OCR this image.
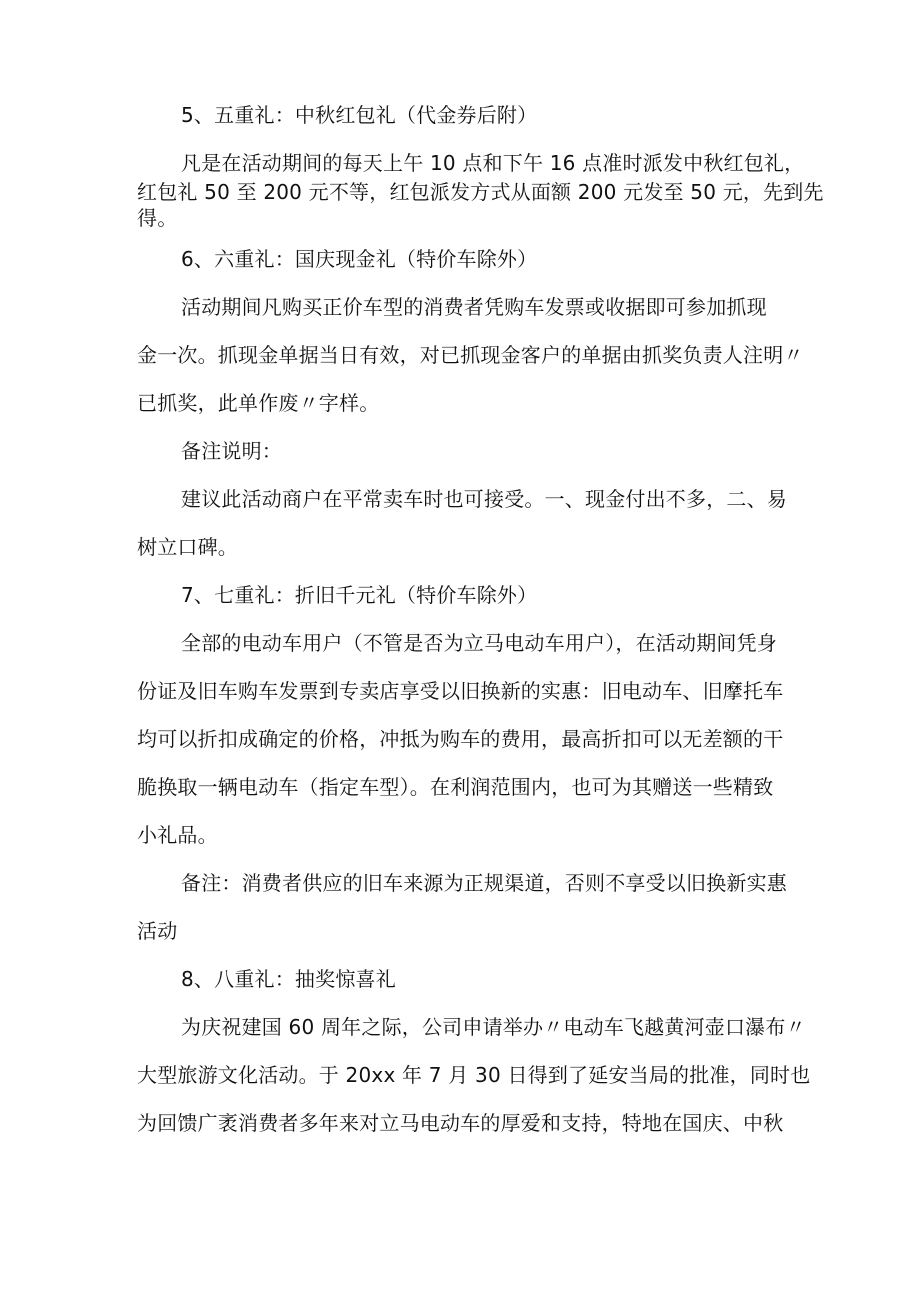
5、五重礼：中秋红包礼（代金券后附）
凡是在活动期间的每天上午 10 点和下午 16 点准时派发中秋红包礼，
红包礼 50 至 200 元不等，红包派发方式从面额 200 元发至 50 元，先到先
得。
6、六重礼：国庆现金礼（特价车除外）
活动期间凡购买正价车型的消费者凭购车发票或收据即可参加抓现
金一次。抓现金单据当日有效，对已抓现金客户的单据由抓奖负责人注明〃
已抓奖，此单作废〃字样。
备注说明：
建议此活动商户在平常卖车时也可接受。一、现金付出不多，二、易
树立口碑。
7、七重礼：折旧千元礼（特价车除外）
全部的电动车用户（不管是否为立马电动车用户），在活动期间凭身
份证及旧车购车发票到专卖店享受以旧换新的实惠：旧电动车、旧摩托车
均可以折扣成确定的价格，冲抵为购车的费用，最高折扣可以无差额的干
脆换取一辆电动车（指定车型）。在利润范围内，也可为其赠送一些精致
小礼品。
备注：消费者供应的旧车来源为正规渠道，否则不享受以旧换新实惠
活动
8、八重礼：抽奖惊喜礼
为庆祝建国 60 周年之际，公司申请举办〃电动车飞越黄河壶口瀑布〃
大型旅游文化活动。于 20xx 年 7 月 30 日得到了延安当局的批准，同时也
为回馈广袤消费者多年来对立马电动车的厚爱和支持，特地在国庆、中秋
